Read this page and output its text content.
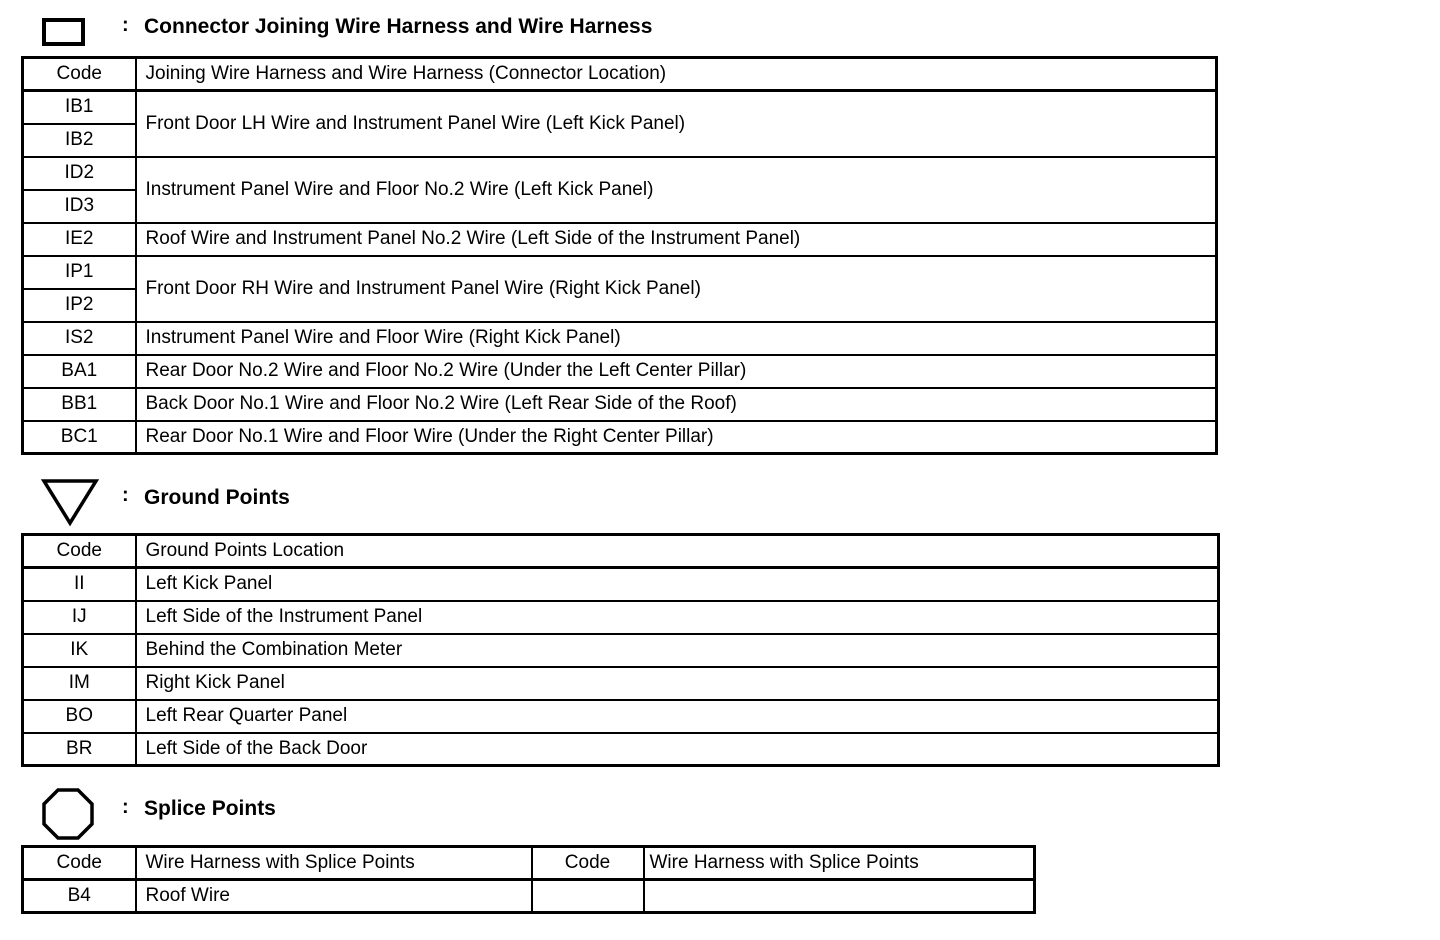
: Connector Joining Wire Harness and Wire Harness
Code	Joining Wire Harness and Wire Harness (Connector Location)
IB1	Front Door LH Wire and Instrument Panel Wire (Left Kick Panel)
IB2	
ID2	Instrument Panel Wire and Floor No.2 Wire (Left Kick Panel)
ID3	
IE2	Roof Wire and Instrument Panel No.2 Wire (Left Side of the Instrument Panel)
IP1	Front Door RH Wire and Instrument Panel Wire (Right Kick Panel)
IP2	
IS2	Instrument Panel Wire and Floor Wire (Right Kick Panel)
BA1	Rear Door No.2 Wire and Floor No.2 Wire (Under the Left Center Pillar)
BB1	Back Door No.1 Wire and Floor No.2 Wire (Left Rear Side of the Roof)
BC1	Rear Door No.1 Wire and Floor Wire (Under the Right Center Pillar)
: Ground Points
Code	Ground Points Location
II	Left Kick Panel
IJ	Left Side of the Instrument Panel
IK	Behind the Combination Meter
IM	Right Kick Panel
BO	Left Rear Quarter Panel
BR	Left Side of the Back Door
: Splice Points
Code	Wire Harness with Splice Points	Code	Wire Harness with Splice Points
B4	Roof Wire		
